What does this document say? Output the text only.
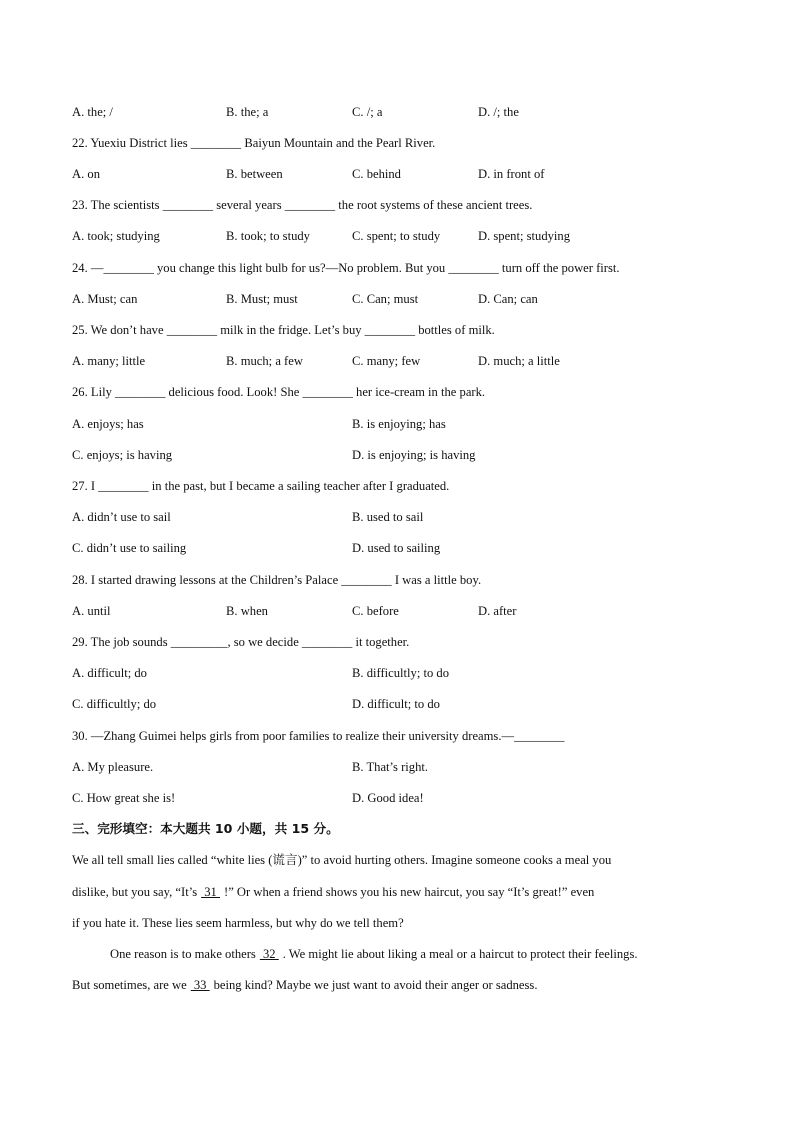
A. the; /	B. the; a	C. /; a	D. /; the
22. Yuexiu District lies ________ Baiyun Mountain and the Pearl River.
A. on	B. between	C. behind	D. in front of
23. The scientists ________ several years ________ the root systems of these ancient trees.
A. took; studying	B. took; to study	C. spent; to study	D. spent; studying
24. —________ you change this light bulb for us?—No problem. But you ________ turn off the power first.
A. Must; can	B. Must; must	C. Can; must	D. Can; can
25. We don’t have ________ milk in the fridge. Let’s buy ________ bottles of milk.
A. many; little	B. much; a few	C. many; few	D. much; a little
26. Lily ________ delicious food. Look! She ________ her ice-cream in the park.
A. enjoys; has	B. is enjoying; has
C. enjoys; is having	D. is enjoying; is having
27. I ________ in the past, but I became a sailing teacher after I graduated.
A. didn’t use to sail	B. used to sail
C. didn’t use to sailing	D. used to sailing
28. I started drawing lessons at the Children’s Palace ________ I was a little boy.
A. until	B. when	C. before	D. after
29. The job sounds _________, so we decide ________ it together.
A. difficult; do	B. difficultly; to do
C. difficultly; do	D. difficult; to do
30. —Zhang Guimei helps girls from poor families to realize their university dreams.—________
A. My pleasure.	B. That’s right.
C. How great she is!	D. Good idea!
三、完形填空：本大题共 10 小题，共 15 分。
We all tell small lies called “white lies (谎言)” to avoid hurting others. Imagine someone cooks a meal you
dislike, but you say, “It’s 31 !” Or when a friend shows you his new haircut, you say “It’s great!” even
if you hate it. These lies seem harmless, but why do we tell them?
One reason is to make others 32 . We might lie about liking a meal or a haircut to protect their feelings.
But sometimes, are we 33 being kind? Maybe we just want to avoid their anger or sadness.
